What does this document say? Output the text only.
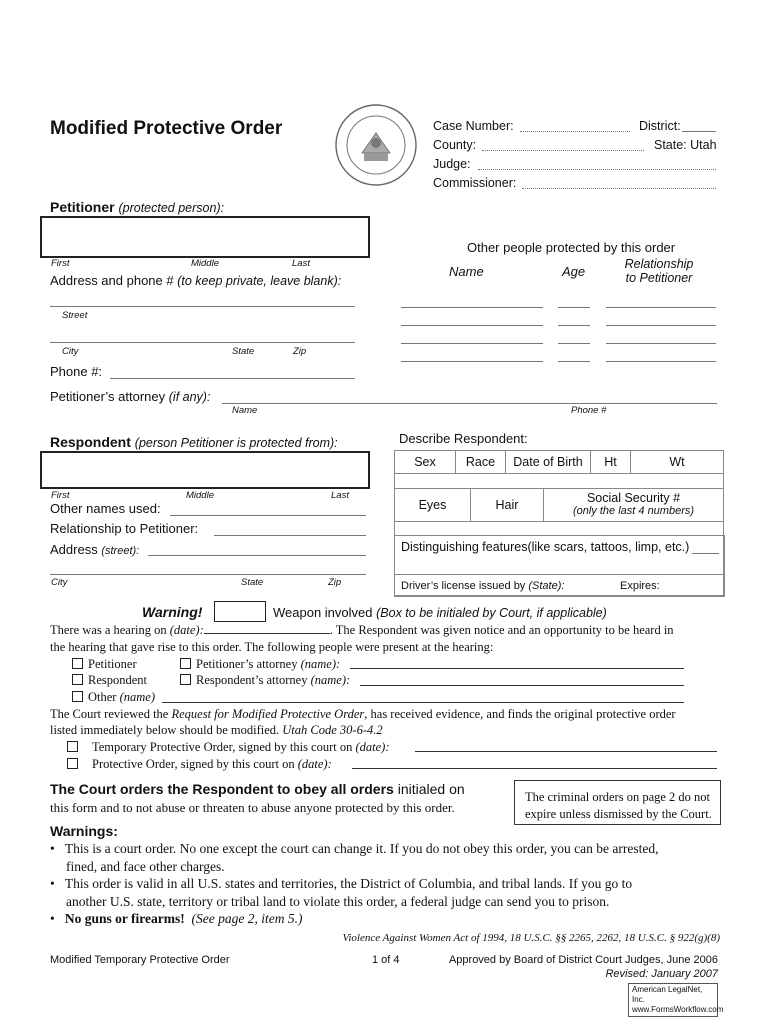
Modified Protective Order	Case Number:	District:
County:	State: Utah
Judge:
Commissioner:
Petitioner (protected person):
First	Middle	Last
Address and phone # (to keep private, leave blank):
Street
City	State	Zip
Phone #:
Petitioner’s attorney (if any):
Name	Phone #
Other people protected by this order
Name	Age	Relationship
to Petitioner
Respondent (person Petitioner is protected from):
First	Middle	Last
Other names used:
Relationship to Petitioner:
Address (street):
City	State	Zip
Describe Respondent:
Sex	Race	Date of Birth	Ht	Wt
Eyes	Hair	Social Security #
(only the last 4 numbers)
Distinguishing features(like scars, tattoos, limp, etc.)
Driver’s license issued by (State):	Expires:
Warning!	Weapon involved (Box to be initialed by Court, if applicable)
There was a hearing on (date):	. The Respondent was given notice and an opportunity to be heard in
the hearing that gave rise to this order. The following people were present at the hearing:
Petitioner	Petitioner’s attorney (name):
Respondent	Respondent’s attorney (name):
Other (name)
The Court reviewed the Request for Modified Protective Order, has received evidence, and finds the original protective order
listed immediately below should be modified. Utah Code 30-6-4.2
Temporary Protective Order, signed by this court on (date):
Protective Order, signed by this court on (date):
The Court orders the Respondent to obey all orders initialed on
this form and to not abuse or threaten to abuse anyone protected by this order.
The criminal orders on page 2 do not
expire unless dismissed by the Court.
Warnings:
•   This is a court order. No one except the court can change it. If you do not obey this order, you can be arrested,
fined, and face other charges.
•   This order is valid in all U.S. states and territories, the District of Columbia, and tribal lands. If you go to
another U.S. state, territory or tribal land to violate this order, a federal judge can send you to prison.
•   No guns or firearms! (See page 2, item 5.)
Violence Against Women Act of 1994, 18 U.S.C. §§ 2265, 2262, 18 U.S.C. § 922(g)(8)
Modified Temporary Protective Order	1 of 4	Approved by Board of District Court Judges, June 2006
Revised: January 2007
American LegalNet, Inc.
www.FormsWorkflow.com
